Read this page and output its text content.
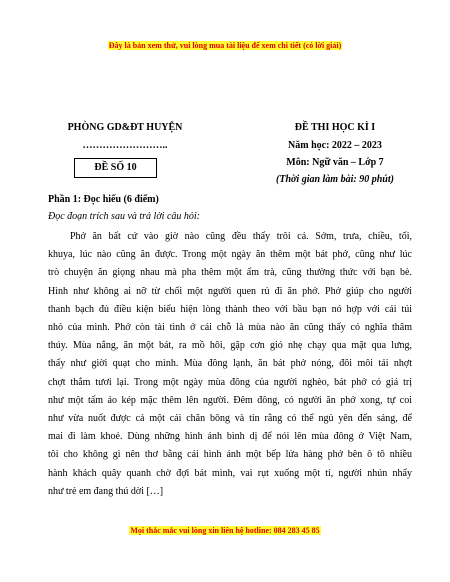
Đây là bản xem thử, vui lòng mua tài liệu để xem chi tiết (có lời giải)
PHÒNG GD&ĐT HUYỆN
……………………..
ĐỀ THI HỌC KÌ I
Năm học: 2022 – 2023
Môn: Ngữ văn – Lớp 7
(Thời gian làm bài: 90 phút)
ĐỀ SỐ 10
Phần 1: Đọc hiểu (6 điểm)
Đọc đoạn trích sau và trả lời câu hỏi:
Phở ăn bất cứ vào giờ nào cũng đều thấy trôi cả. Sớm, trưa, chiều, tối,
khuya, lúc nào cũng ăn được. Trong một ngày ăn thêm một bát phở, cũng như lúc
trò chuyện ăn giọng nhau mà pha thêm một ấm trà, cũng thường thức với bạn bè.
Hình như không ai nỡ từ chối một người quen rủ đi ăn phở. Phở giúp cho người
thanh bạch đủ điều kiện biểu hiện lòng thành theo với bầu bạn nó hợp với cái túi
nhỏ của mình. Phở còn tài tình ở cái chỗ là mùa nào ăn cũng thấy có nghĩa thâm
thúy. Mùa nắng, ăn một bát, ra mồ hôi, gặp cơn gió nhẹ chạy qua mặt qua lưng,
thấy như giời quạt cho mình. Mùa đông lạnh, ăn bát phở nóng, đôi môi tái nhợt
chợt thắm tươi lại. Trong một ngày mùa đông của người nghèo, bát phở có giá trị
như một tấm áo kép mặc thêm lên người. Đêm đông, có người ăn phở xong, tự coi
như vừa nuốt được cả một cái chăn bông và tin rằng có thể ngủ yên đến sáng, để
mai đi làm khoẻ. Dùng những hình ảnh bình dị để nói lên mùa đông ở Việt Nam,
tôi cho không gì nên thơ bằng cái hình ảnh một bếp lửa hàng phở bên ô tô nhiều
hành khách quây quanh chờ đợi bát mình, vai rụt xuống một tí, người nhún nhẩy
như trẻ em đang thú dời […]
Mọi thắc mắc vui lòng xin liên hệ hotline: 084 283 45 85
